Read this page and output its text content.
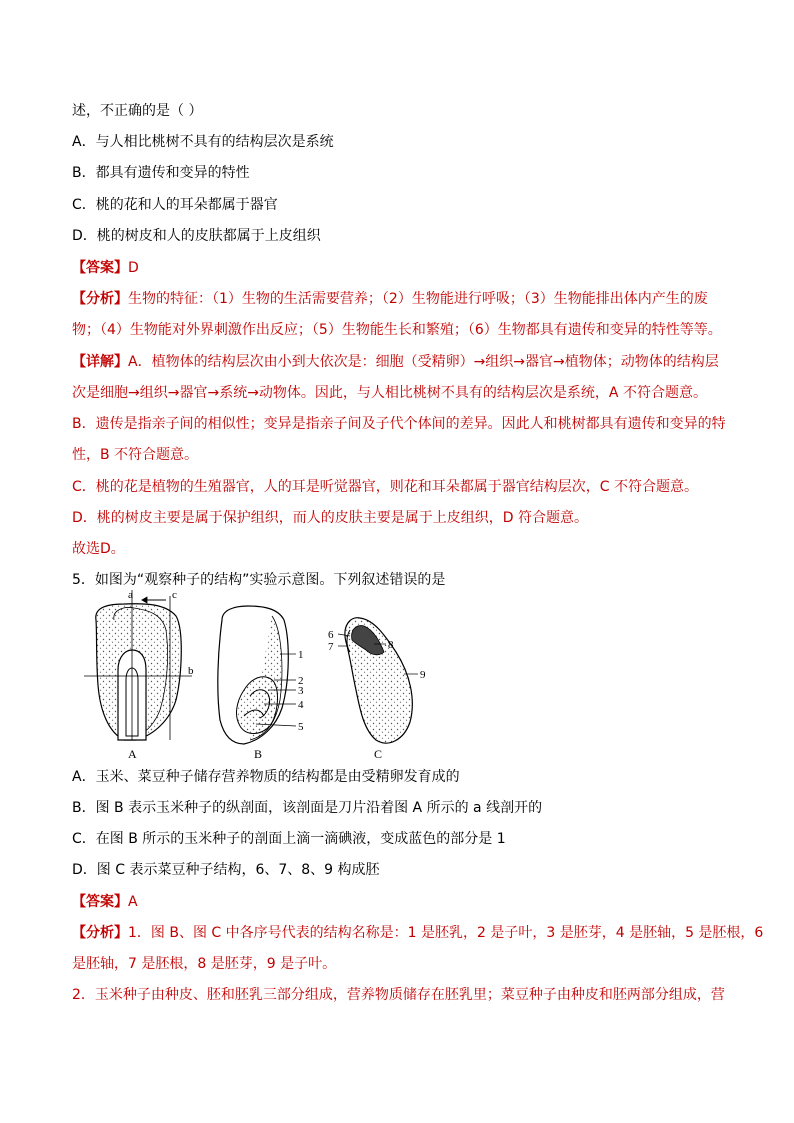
述，不正确的是（ ）
A．与人相比桃树不具有的结构层次是系统
B．都具有遗传和变异的特性
C．桃的花和人的耳朵都属于器官
D．桃的树皮和人的皮肤都属于上皮组织
【答案】D
【分析】生物的特征：（1）生物的生活需要营养；（2）生物能进行呼吸；（3）生物能排出体内产生的废
物；（4）生物能对外界刺激作出反应；（5）生物能生长和繁殖；（6）生物都具有遗传和变异的特性等等。
【详解】A．植物体的结构层次由小到大依次是：细胞（受精卵）→组织→器官→植物体；动物体的结构层
次是细胞→组织→器官→系统→动物体。因此，与人相比桃树不具有的结构层次是系统，A 不符合题意。
B．遗传是指亲子间的相似性；变异是指亲子间及子代个体间的差异。因此人和桃树都具有遗传和变异的特
性，B 不符合题意。
C．桃的花是植物的生殖器官，人的耳是听觉器官，则花和耳朵都属于器官结构层次，C 不符合题意。
D．桃的树皮主要是属于保护组织，而人的皮肤主要是属于上皮组织，D 符合题意。
故选D。
5．如图为“观察种子的结构”实验示意图。下列叙述错误的是
a	c
b
A
1
2
3
4
5
B
6
7	8
9
C
A．玉米、菜豆种子储存营养物质的结构都是由受精卵发育成的
B．图 B 表示玉米种子的纵剖面，该剖面是刀片沿着图 A 所示的 a 线剖开的
C．在图 B 所示的玉米种子的剖面上滴一滴碘液，变成蓝色的部分是 1
D．图 C 表示菜豆种子结构，6、7、8、9 构成胚
【答案】A
【分析】1．图 B、图 C 中各序号代表的结构名称是：1 是胚乳，2 是子叶，3 是胚芽，4 是胚轴，5 是胚根，6
是胚轴，7 是胚根，8 是胚芽，9 是子叶。
2．玉米种子由种皮、胚和胚乳三部分组成，营养物质储存在胚乳里；菜豆种子由种皮和胚两部分组成，营
